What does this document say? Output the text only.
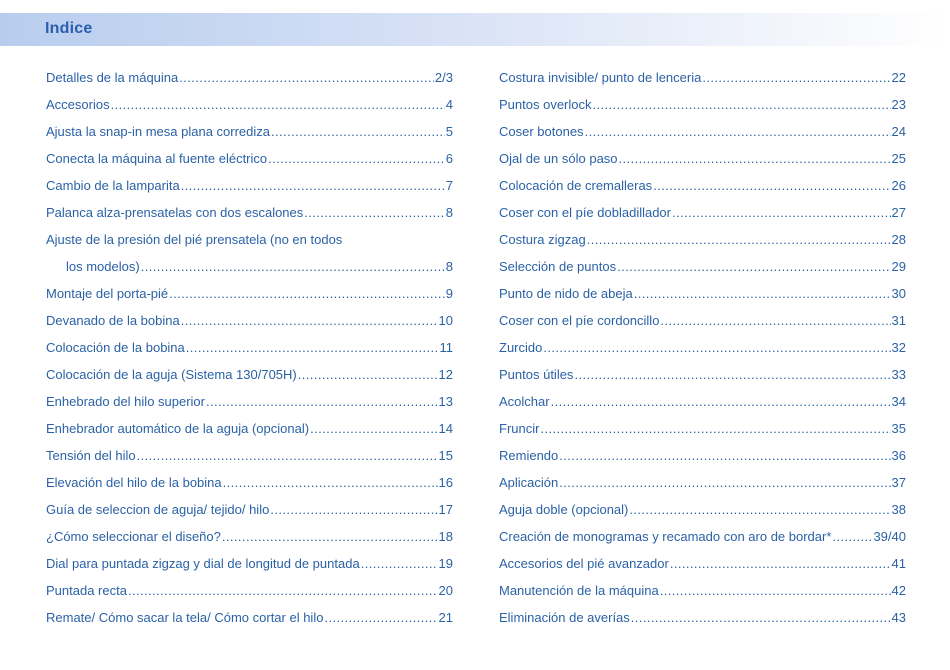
Indice
Detalles de la máquina .....	2/3
Accesorios .....	4
Ajusta la snap-in mesa plana corrediza .....	5
Conecta la máquina al fuente eléctrico .....	6
Cambio de la lamparita .....	7
Palanca alza-prensatelas con dos escalones .....	8
Ajuste de la presión del pié prensatela (no en todos
los modelos) .....	8
Montaje del porta-pié .....	9
Devanado de la bobina .....	10
Colocación de la bobina .....	11
Colocación de la aguja (Sistema 130/705H) .....	12
Enhebrado del hilo superior .....	13
Enhebrador automático de la aguja (opcional) .....	14
Tensión del hilo .....	15
Elevación del hilo de la bobina .....	16
Guía de seleccion de aguja/ tejido/ hilo .....	17
¿Cómo seleccionar el diseño? .....	18
Dial para puntada zigzag y dial de longitud de puntada .....	19
Puntada recta .....	20
Remate/ Cómo sacar la tela/ Cómo cortar el hilo .....	21
Costura invisible/ punto de lenceria .....	22
Puntos overlock .....	23
Coser botones .....	24
Ojal de un sólo paso .....	25
Colocación de cremalleras .....	26
Coser con el píe dobladillador .....	27
Costura zigzag .....	28
Selección de puntos .....	29
Punto de nido de abeja .....	30
Coser con el píe cordoncillo .....	31
Zurcido .....	32
Puntos útiles .....	33
Acolchar .....	34
Fruncir .....	35
Remiendo .....	36
Aplicación .....	37
Aguja doble (opcional) .....	38
Creación de monogramas y recamado con aro de bordar* .....	39/40
Accesorios del pié avanzador .....	41
Manutención de la máquina .....	42
Eliminación de averías .....	43
